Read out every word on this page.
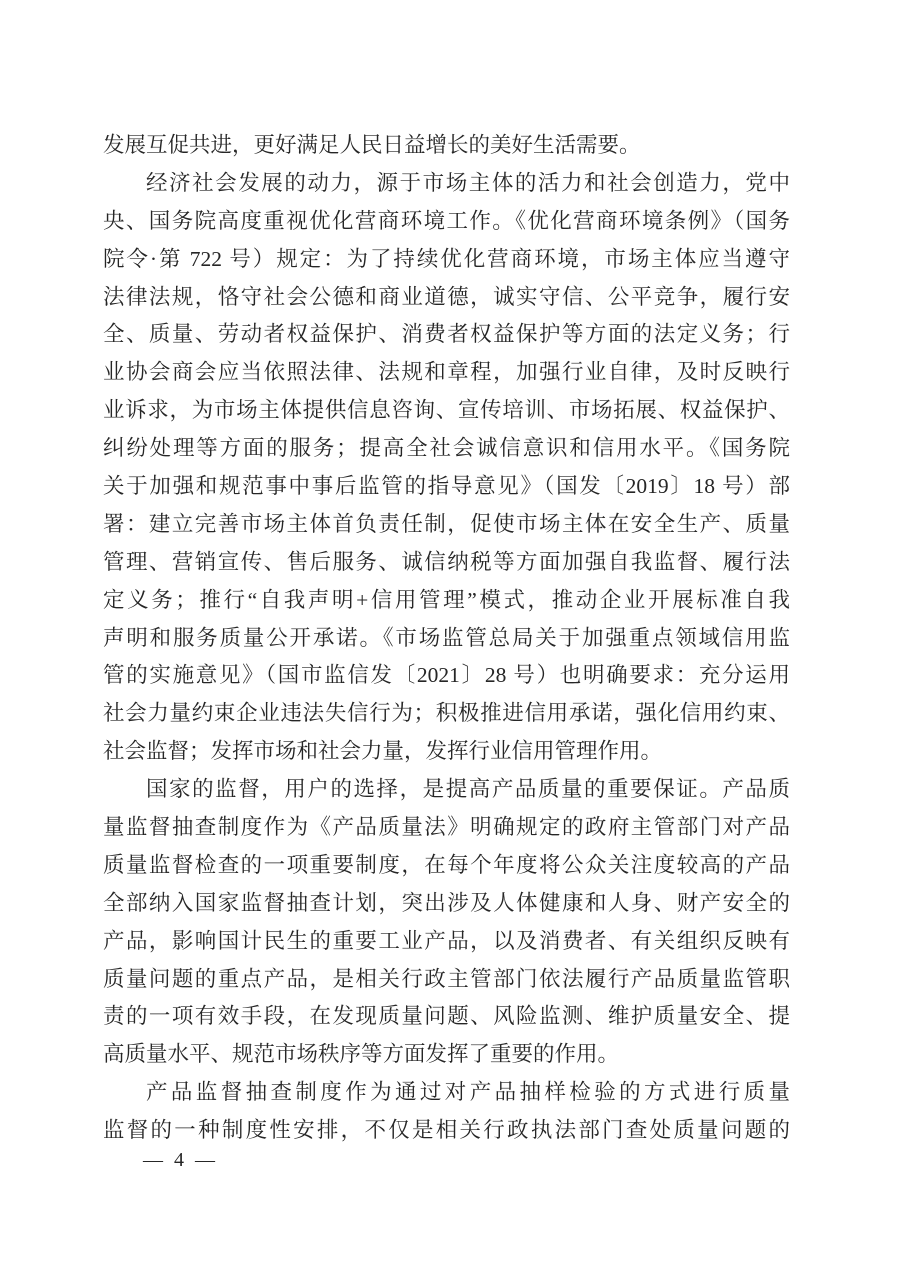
发展互促共进，更好满足人民日益增长的美好生活需要。
经济社会发展的动力，源于市场主体的活力和社会创造力，党中
央、国务院高度重视优化营商环境工作。《优化营商环境条例》（国务
院令·第 722 号）规定：为了持续优化营商环境，市场主体应当遵守
法律法规，恪守社会公德和商业道德，诚实守信、公平竞争，履行安
全、质量、劳动者权益保护、消费者权益保护等方面的法定义务；行
业协会商会应当依照法律、法规和章程，加强行业自律，及时反映行
业诉求，为市场主体提供信息咨询、宣传培训、市场拓展、权益保护、
纠纷处理等方面的服务；提高全社会诚信意识和信用水平。《国务院
关于加强和规范事中事后监管的指导意见》（国发〔2019〕18 号）部
署：建立完善市场主体首负责任制，促使市场主体在安全生产、质量
管理、营销宣传、售后服务、诚信纳税等方面加强自我监督、履行法
定义务；推行“自我声明+信用管理”模式，推动企业开展标准自我
声明和服务质量公开承诺。《市场监管总局关于加强重点领域信用监
管的实施意见》（国市监信发〔2021〕28 号）也明确要求：充分运用
社会力量约束企业违法失信行为；积极推进信用承诺，强化信用约束、
社会监督；发挥市场和社会力量，发挥行业信用管理作用。
国家的监督，用户的选择，是提高产品质量的重要保证。产品质
量监督抽查制度作为《产品质量法》明确规定的政府主管部门对产品
质量监督检查的一项重要制度，在每个年度将公众关注度较高的产品
全部纳入国家监督抽查计划，突出涉及人体健康和人身、财产安全的
产品，影响国计民生的重要工业产品，以及消费者、有关组织反映有
质量问题的重点产品，是相关行政主管部门依法履行产品质量监管职
责的一项有效手段，在发现质量问题、风险监测、维护质量安全、提
高质量水平、规范市场秩序等方面发挥了重要的作用。
产品监督抽查制度作为通过对产品抽样检验的方式进行质量
监督的一种制度性安排，不仅是相关行政执法部门查处质量问题的
— 4 —
